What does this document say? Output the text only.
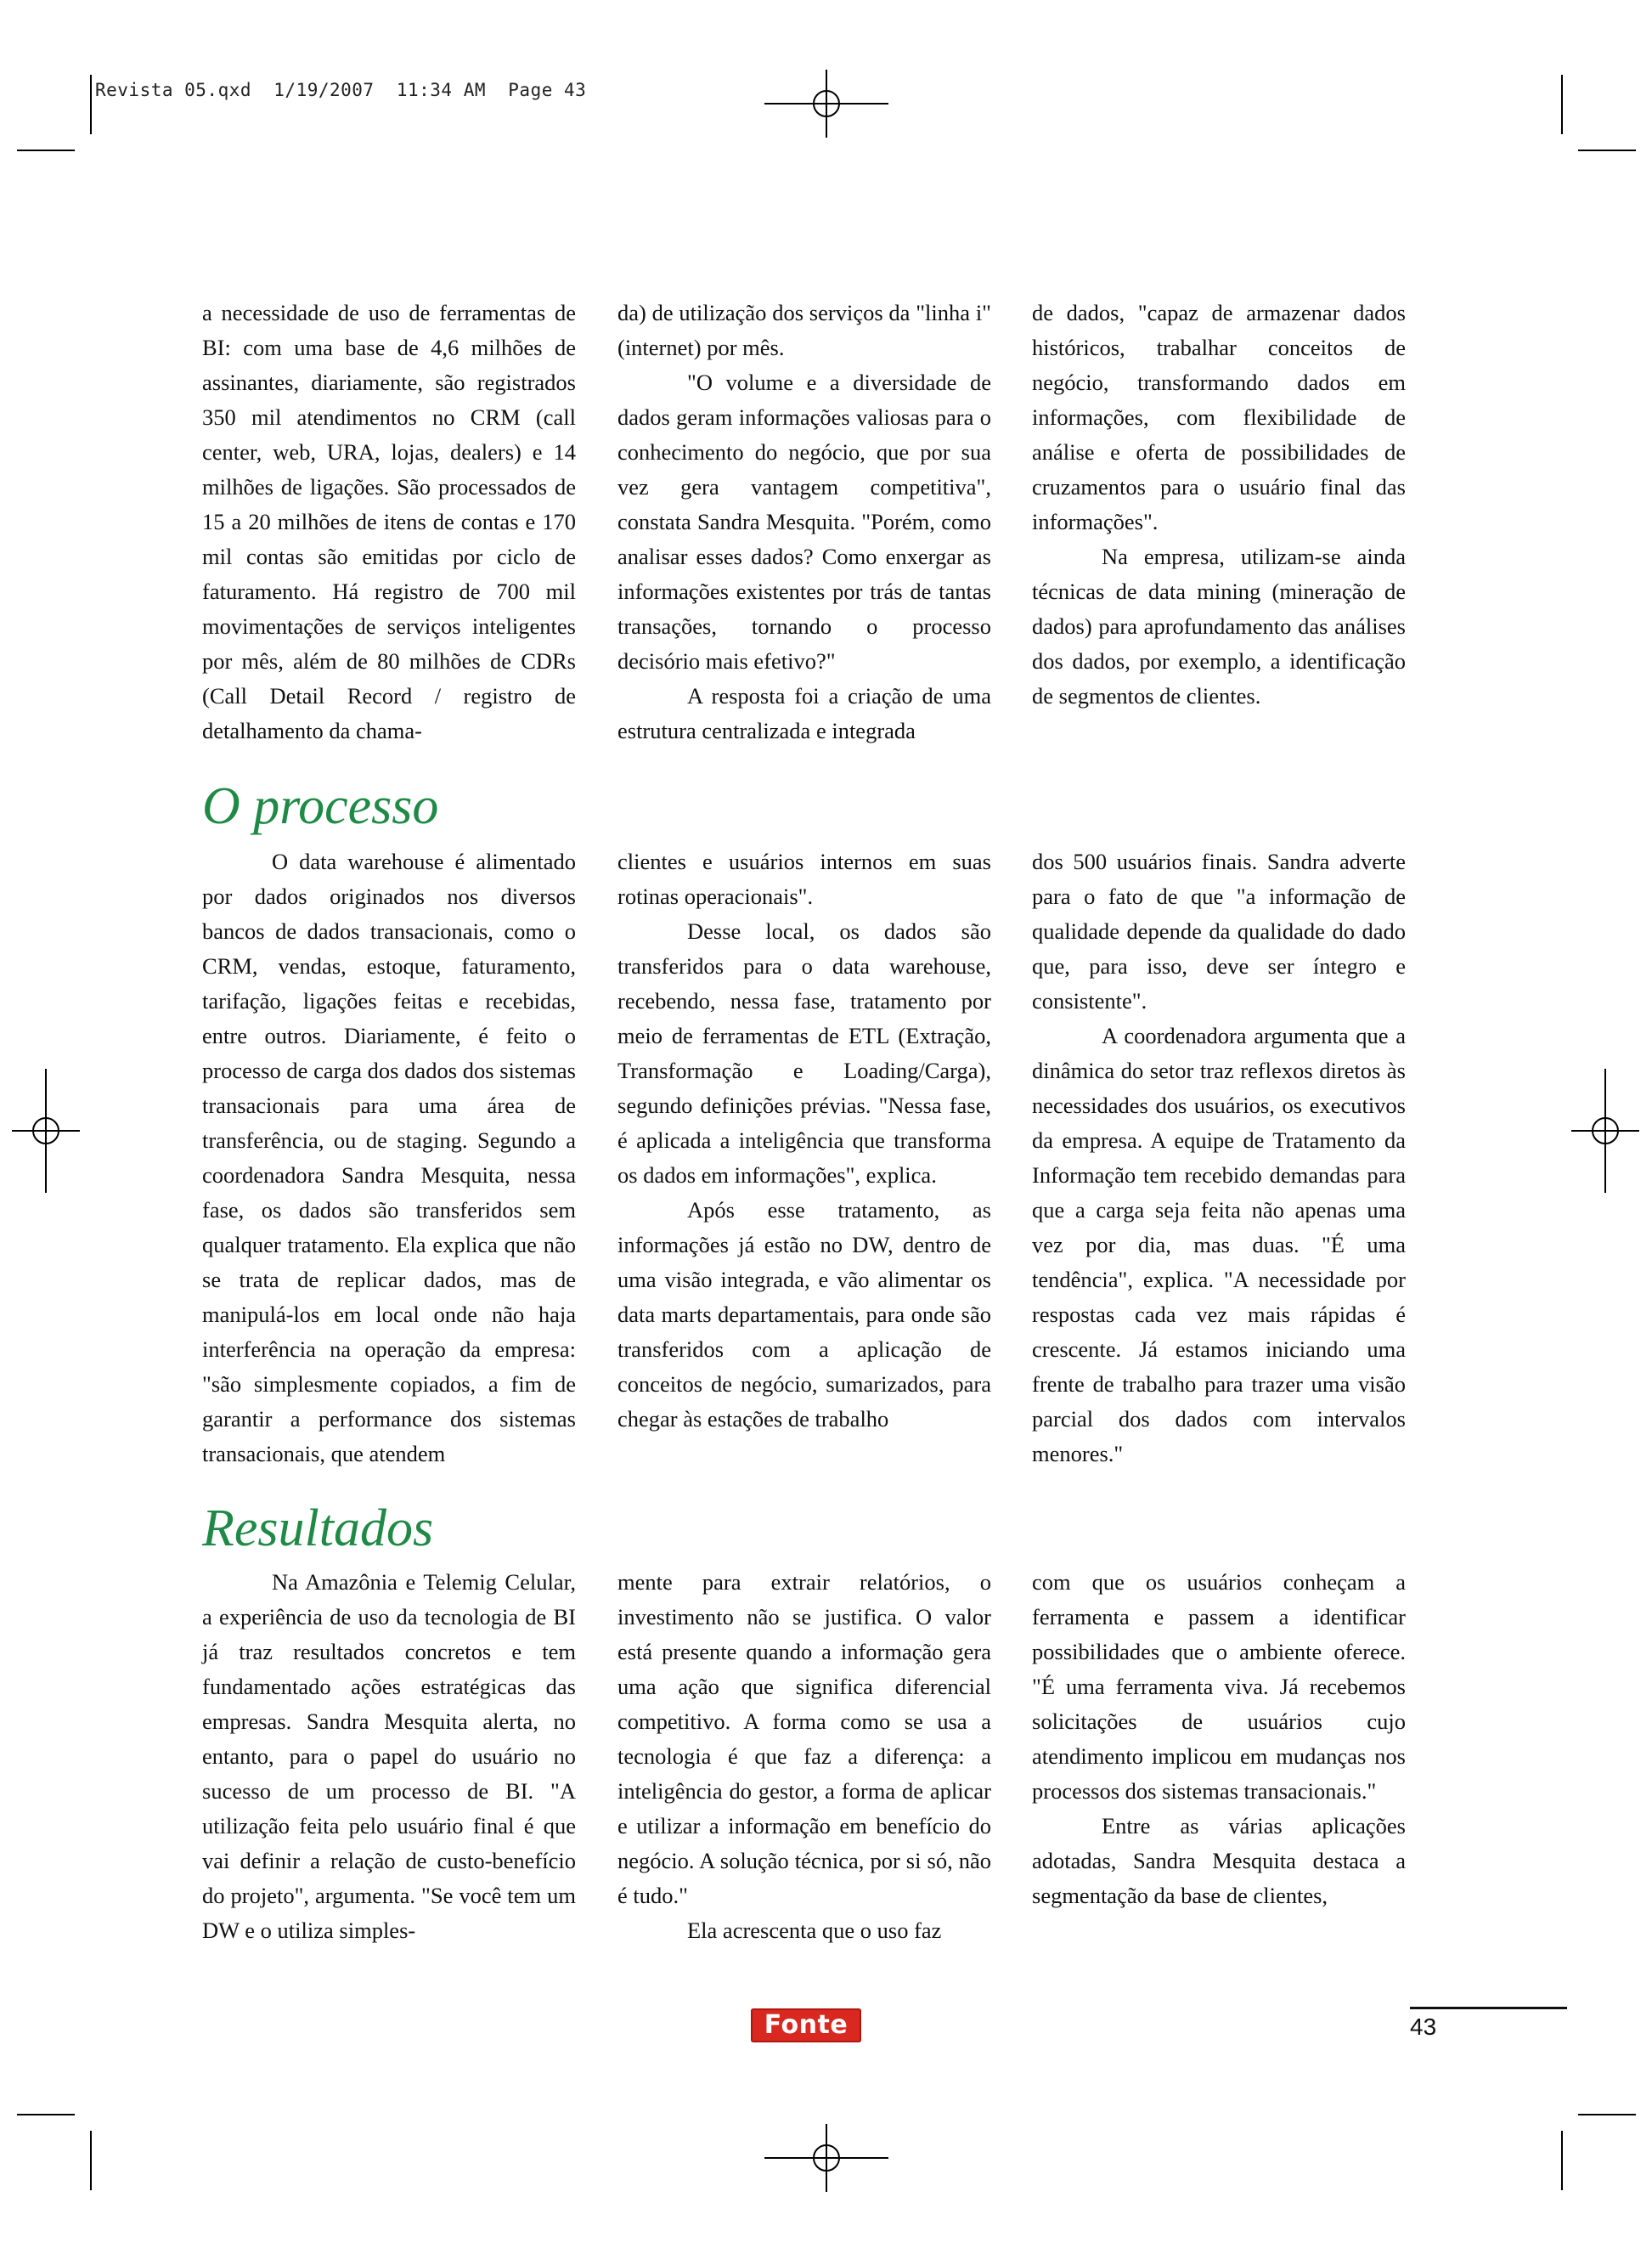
Revista 05.qxd  1/19/2007  11:34 AM  Page 43

a necessidade de uso de ferramentas de BI: com uma base de 4,6 milhões de assinantes, diariamente, são registrados 350 mil atendimentos no CRM (call center, web, URA, lojas, dealers) e 14 milhões de ligações. São processados de 15 a 20 milhões de itens de contas e 170 mil contas são emitidas por ciclo de faturamento. Há registro de 700 mil movimentações de serviços inteligentes por mês, além de 80 milhões de CDRs (Call Detail Record / registro de detalhamento da chama-

da) de utilização dos serviços da "linha i" (internet) por mês.

"O volume e a diversidade de dados geram informações valiosas para o conhecimento do negócio, que por sua vez gera vantagem competitiva", constata Sandra Mesquita. "Porém, como analisar esses dados? Como enxergar as informações existentes por trás de tantas transações, tornando o processo decisório mais efetivo?"

A resposta foi a criação de uma estrutura centralizada e integrada

de dados, "capaz de armazenar dados históricos, trabalhar conceitos de negócio, transformando dados em informações, com flexibilidade de análise e oferta de possibilidades de cruzamentos para o usuário final das informações".

Na empresa, utilizam-se ainda técnicas de data mining (mineração de dados) para aprofundamento das análises dos dados, por exemplo, a identificação de segmentos de clientes.

O processo

O data warehouse é alimentado por dados originados nos diversos bancos de dados transacionais, como o CRM, vendas, estoque, faturamento, tarifação, ligações feitas e recebidas, entre outros. Diariamente, é feito o processo de carga dos dados dos sistemas transacionais para uma área de transferência, ou de staging. Segundo a coordenadora Sandra Mesquita, nessa fase, os dados são transferidos sem qualquer tratamento. Ela explica que não se trata de replicar dados, mas de manipulá-los em local onde não haja interferência na operação da empresa: "são simplesmente copiados, a fim de garantir a performance dos sistemas transacionais, que atendem

clientes e usuários internos em suas rotinas operacionais".

Desse local, os dados são transferidos para o data warehouse, recebendo, nessa fase, tratamento por meio de ferramentas de ETL (Extração, Transformação e Loading/Carga), segundo definições prévias. "Nessa fase, é aplicada a inteligência que transforma os dados em informações", explica.

Após esse tratamento, as informações já estão no DW, dentro de uma visão integrada, e vão alimentar os data marts departamentais, para onde são transferidos com a aplicação de conceitos de negócio, sumarizados, para chegar às estações de trabalho

dos 500 usuários finais. Sandra adverte para o fato de que "a informação de qualidade depende da qualidade do dado que, para isso, deve ser íntegro e consistente".

A coordenadora argumenta que a dinâmica do setor traz reflexos diretos às necessidades dos usuários, os executivos da empresa. A equipe de Tratamento da Informação tem recebido demandas para que a carga seja feita não apenas uma vez por dia, mas duas. "É uma tendência", explica. "A necessidade por respostas cada vez mais rápidas é crescente. Já estamos iniciando uma frente de trabalho para trazer uma visão parcial dos dados com intervalos menores."

Resultados

Na Amazônia e Telemig Celular, a experiência de uso da tecnologia de BI já traz resultados concretos e tem fundamentado ações estratégicas das empresas. Sandra Mesquita alerta, no entanto, para o papel do usuário no sucesso de um processo de BI. "A utilização feita pelo usuário final é que vai definir a relação de custo-benefício do projeto", argumenta. "Se você tem um DW e o utiliza simples-

mente para extrair relatórios, o investimento não se justifica. O valor está presente quando a informação gera uma ação que significa diferencial competitivo. A forma como se usa a tecnologia é que faz a diferença: a inteligência do gestor, a forma de aplicar e utilizar a informação em benefício do negócio. A solução técnica, por si só, não é tudo."

Ela acrescenta que o uso faz

com que os usuários conheçam a ferramenta e passem a identificar possibilidades que o ambiente oferece. "É uma ferramenta viva. Já recebemos solicitações de usuários cujo atendimento implicou em mudanças nos processos dos sistemas transacionais."

Entre as várias aplicações adotadas, Sandra Mesquita destaca a segmentação da base de clientes,

Fonte	43
